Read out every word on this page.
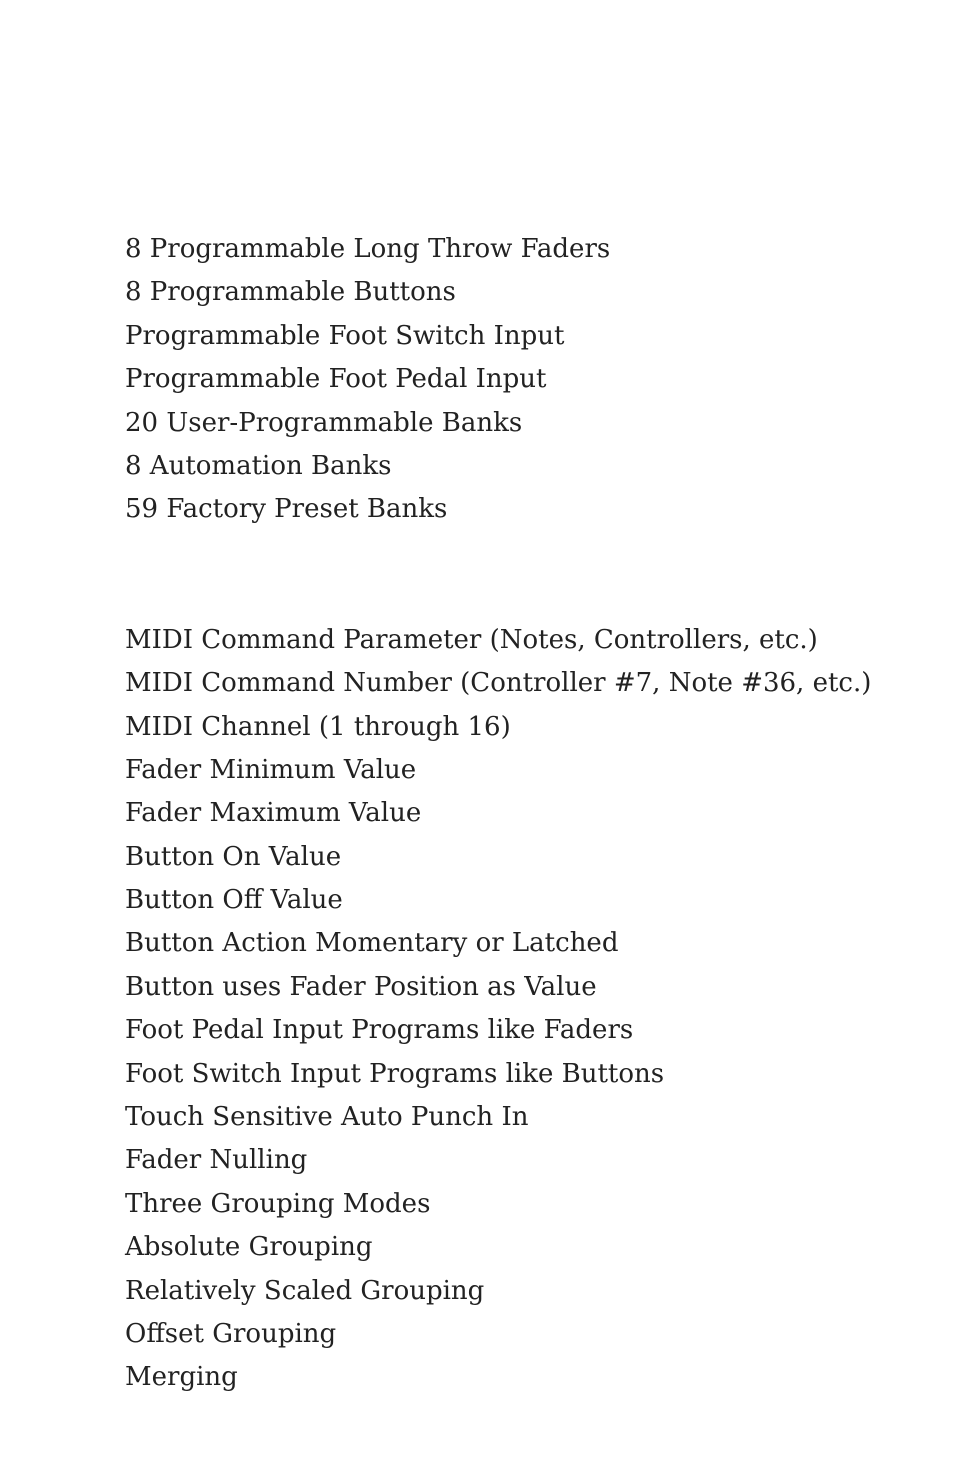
8 Programmable Long Throw Faders
8 Programmable Buttons
Programmable Foot Switch Input
Programmable Foot Pedal Input
20 User-Programmable Banks
8 Automation Banks
59 Factory Preset Banks
MIDI Command Parameter (Notes, Controllers, etc.)
MIDI Command Number (Controller #7, Note #36, etc.)
MIDI Channel (1 through 16)
Fader Minimum Value
Fader Maximum Value
Button On Value
Button Off Value
Button Action Momentary or Latched
Button uses Fader Position as Value
Foot Pedal Input Programs like Faders
Foot Switch Input Programs like Buttons
Touch Sensitive Auto Punch In
Fader Nulling
Three Grouping Modes
Absolute Grouping
Relatively Scaled Grouping
Offset Grouping
Merging
